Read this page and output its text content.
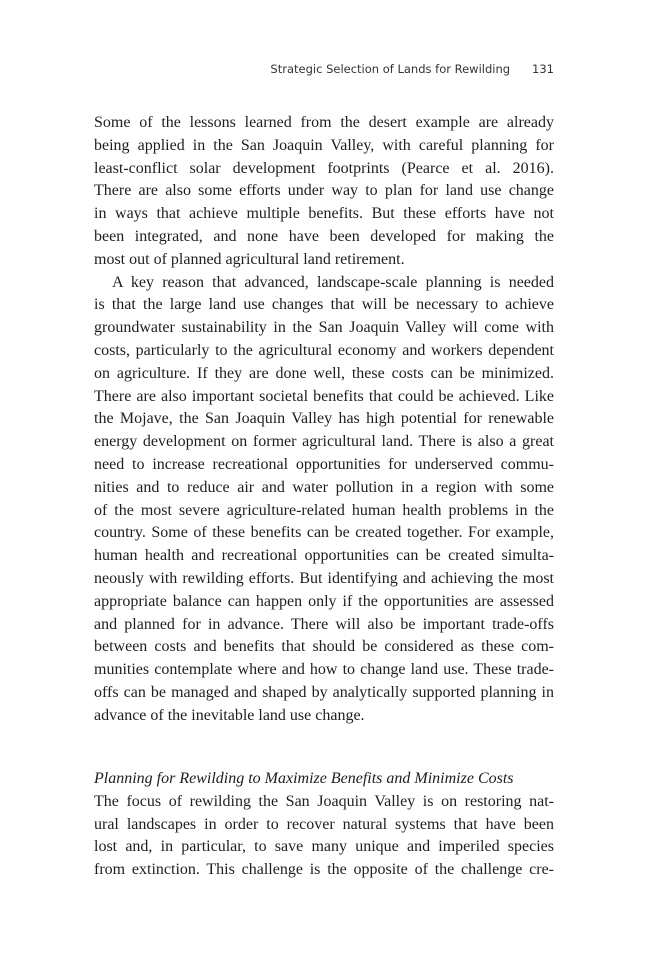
Strategic Selection of Lands for Rewilding 131
Some of the lessons learned from the desert example are already
being applied in the San Joaquin Valley, with careful planning for
least-conflict solar development footprints (Pearce et al. 2016).
There are also some efforts under way to plan for land use change
in ways that achieve multiple benefits. But these efforts have not
been integrated, and none have been developed for making the
most out of planned agricultural land retirement.
A key reason that advanced, landscape-scale planning is needed
is that the large land use changes that will be necessary to achieve
groundwater sustainability in the San Joaquin Valley will come with
costs, particularly to the agricultural economy and workers dependent
on agriculture. If they are done well, these costs can be minimized.
There are also important societal benefits that could be achieved. Like
the Mojave, the San Joaquin Valley has high potential for renewable
energy development on former agricultural land. There is also a great
need to increase recreational opportunities for underserved commu-
nities and to reduce air and water pollution in a region with some
of the most severe agriculture-related human health problems in the
country. Some of these benefits can be created together. For example,
human health and recreational opportunities can be created simulta-
neously with rewilding efforts. But identifying and achieving the most
appropriate balance can happen only if the opportunities are assessed
and planned for in advance. There will also be important trade-offs
between costs and benefits that should be considered as these com-
munities contemplate where and how to change land use. These trade-
offs can be managed and shaped by analytically supported planning in
advance of the inevitable land use change.
Planning for Rewilding to Maximize Benefits and Minimize Costs
The focus of rewilding the San Joaquin Valley is on restoring nat-
ural landscapes in order to recover natural systems that have been
lost and, in particular, to save many unique and imperiled species
from extinction. This challenge is the opposite of the challenge cre-
